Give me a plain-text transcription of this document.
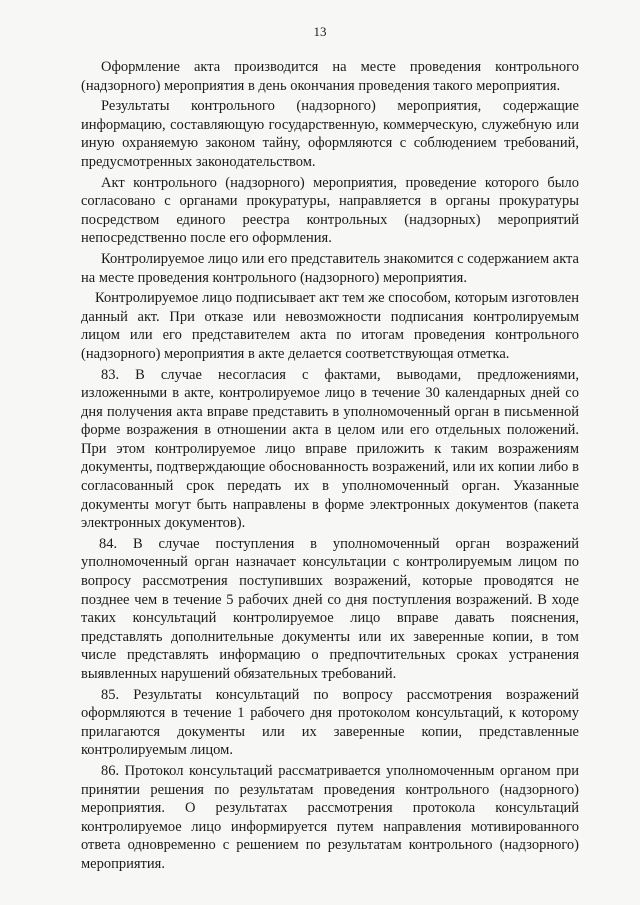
13

Оформление акта производится на месте проведения контрольного (надзорного) мероприятия в день окончания проведения такого мероприятия.

Результаты контрольного (надзорного) мероприятия, содержащие информацию, составляющую государственную, коммерческую, служебную или иную охраняемую законом тайну, оформляются с соблюдением требований, предусмотренных законодательством.

Акт контрольного (надзорного) мероприятия, проведение которого было согласовано с органами прокуратуры, направляется в органы прокуратуры посредством единого реестра контрольных (надзорных) мероприятий непосредственно после его оформления.

Контролируемое лицо или его представитель знакомится с содержанием акта на месте проведения контрольного (надзорного) мероприятия.

Контролируемое лицо подписывает акт тем же способом, которым изготовлен данный акт. При отказе или невозможности подписания контролируемым лицом или его представителем акта по итогам проведения контрольного (надзорного) мероприятия в акте делается соответствующая отметка.

83. В случае несогласия с фактами, выводами, предложениями, изложенными в акте, контролируемое лицо в течение 30 календарных дней со дня получения акта вправе представить в уполномоченный орган в письменной форме возражения в отношении акта в целом или его отдельных положений. При этом контролируемое лицо вправе приложить к таким возражениям документы, подтверждающие обоснованность возражений, или их копии либо в согласованный срок передать их в уполномоченный орган. Указанные документы могут быть направлены в форме электронных документов (пакета электронных документов).

84. В случае поступления в уполномоченный орган возражений уполномоченный орган назначает консультации с контролируемым лицом по вопросу рассмотрения поступивших возражений, которые проводятся не позднее чем в течение 5 рабочих дней со дня поступления возражений. В ходе таких консультаций контролируемое лицо вправе давать пояснения, представлять дополнительные документы или их заверенные копии, в том числе представлять информацию о предпочтительных сроках устранения выявленных нарушений обязательных требований.

85. Результаты консультаций по вопросу рассмотрения возражений оформляются в течение 1 рабочего дня протоколом консультаций, к которому прилагаются документы или их заверенные копии, представленные контролируемым лицом.

86. Протокол консультаций рассматривается уполномоченным органом при принятии решения по результатам проведения контрольного (надзорного) мероприятия. О результатах рассмотрения протокола консультаций контролируемое лицо информируется путем направления мотивированного ответа одновременно с решением по результатам контрольного (надзорного) мероприятия.
